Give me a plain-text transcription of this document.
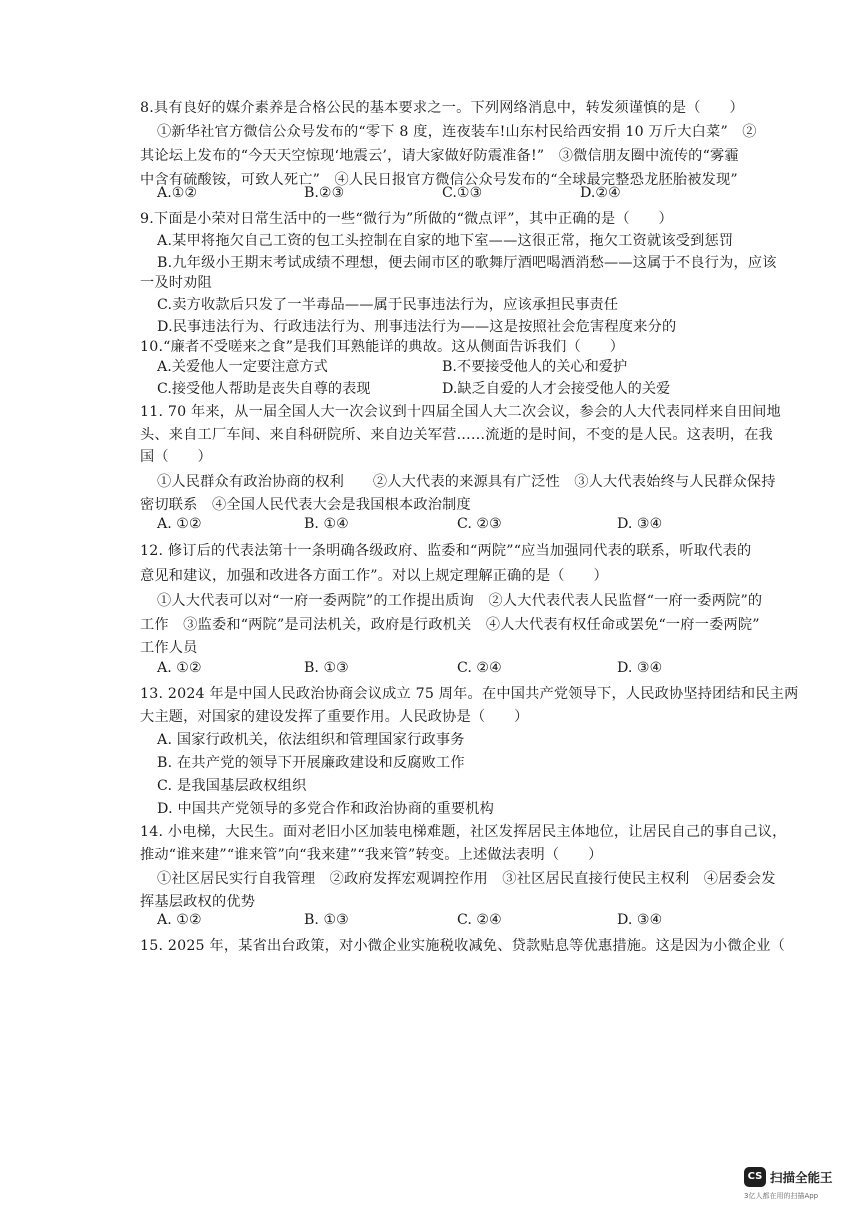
8.具有良好的媒介素养是合格公民的基本要求之一。下列网络消息中，转发须谨慎的是（　　）
①新华社官方微信公众号发布的“零下 8 度，连夜装车!山东村民给西安捐 10 万斤大白菜”　②
其论坛上发布的“今天天空惊现‘地震云’，请大家做好防震准备!”　③微信朋友圈中流传的“雾霾
中含有硫酸铵，可致人死亡”　④人民日报官方微信公众号发布的“全球最完整恐龙胚胎被发现”
A.①②	B.②③	C.①③	D.②④
9.下面是小荣对日常生活中的一些“微行为”所做的“微点评”，其中正确的是（　　）
A.某甲将拖欠自己工资的包工头控制在自家的地下室——这很正常，拖欠工资就该受到惩罚
B.九年级小王期末考试成绩不理想，便去闹市区的歌舞厅酒吧喝酒消愁——这属于不良行为，应该
一及时劝阻
C.卖方收款后只发了一半毒品——属于民事违法行为，应该承担民事责任
D.民事违法行为、行政违法行为、刑事违法行为——这是按照社会危害程度来分的
10.“廉者不受嗟来之食”是我们耳熟能详的典故。这从侧面告诉我们（　　）
A.关爱他人一定要注意方式	B.不要接受他人的关心和爱护
C.接受他人帮助是丧失自尊的表现	D.缺乏自爱的人才会接受他人的关爱
11. 70 年来，从一届全国人大一次会议到十四届全国人大二次会议，参会的人大代表同样来自田间地
头、来自工厂车间、来自科研院所、来自边关军营……流逝的是时间，不变的是人民。这表明，在我
国（　　）
①人民群众有政治协商的权利　　②人大代表的来源具有广泛性　③人大代表始终与人民群众保持
密切联系　④全国人民代表大会是我国根本政治制度
A. ①②	B. ①④	C. ②③	D. ③④
12. 修订后的代表法第十一条明确各级政府、监委和“两院”“应当加强同代表的联系，听取代表的
意见和建议，加强和改进各方面工作”。对以上规定理解正确的是（　　）
①人大代表可以对“一府一委两院”的工作提出质询　②人大代表代表人民监督“一府一委两院”的
工作　③监委和“两院”是司法机关，政府是行政机关　④人大代表有权任命或罢免“一府一委两院”
工作人员
A. ①②	B. ①③	C. ②④	D. ③④
13. 2024 年是中国人民政治协商会议成立 75 周年。在中国共产党领导下，人民政协坚持团结和民主两
大主题，对国家的建设发挥了重要作用。人民政协是（　　）
A. 国家行政机关，依法组织和管理国家行政事务
B. 在共产党的领导下开展廉政建设和反腐败工作
C. 是我国基层政权组织
D. 中国共产党领导的多党合作和政治协商的重要机构
14. 小电梯，大民生。面对老旧小区加装电梯难题，社区发挥居民主体地位，让居民自己的事自己议，
推动“谁来建”“谁来管”向“我来建”“我来管”转变。上述做法表明（　　）
①社区居民实行自我管理　②政府发挥宏观调控作用　③社区居民直接行使民主权利　④居委会发
挥基层政权的优势
A. ①②	B. ①③	C. ②④	D. ③④
15. 2025 年，某省出台政策，对小微企业实施税收减免、贷款贴息等优惠措施。这是因为小微企业（
CS 扫描全能王
3亿人都在用的扫描App
